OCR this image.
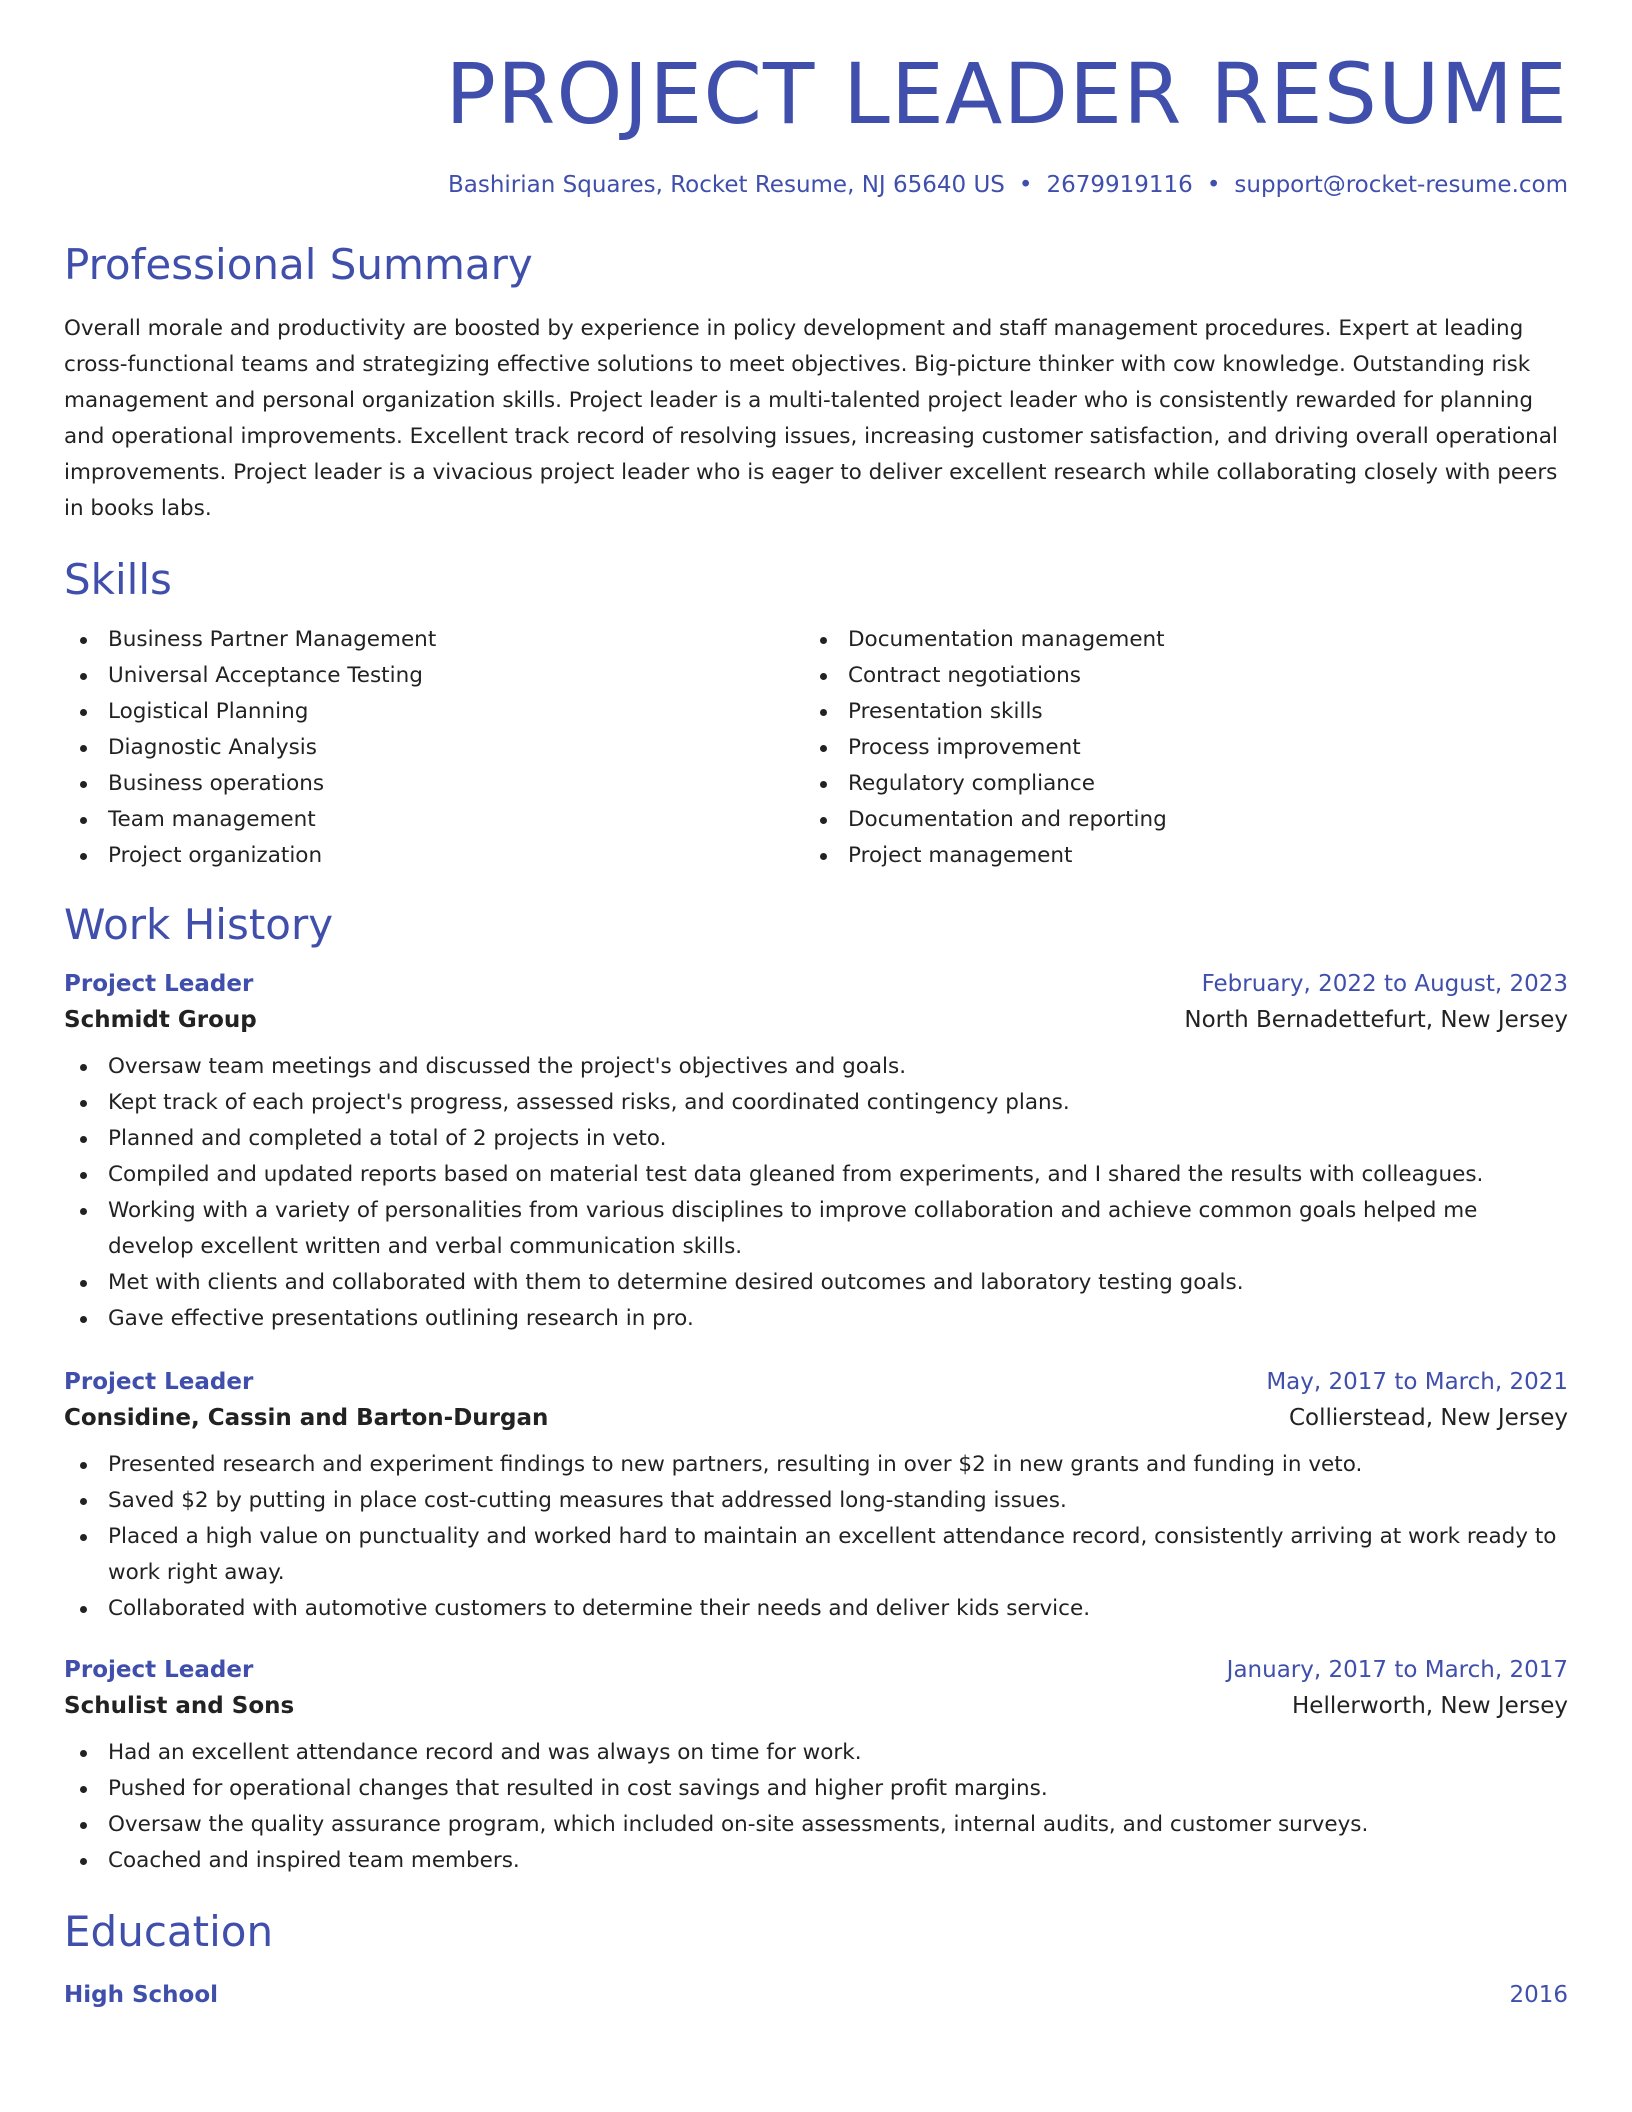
PROJECT LEADER RESUME
Bashirian Squares, Rocket Resume, NJ 65640 US • 2679919116 • support@rocket-resume.com
Professional Summary

Overall morale and productivity are boosted by experience in policy development and staff management procedures. Expert at leading cross-functional teams and strategizing effective solutions to meet objectives. Big-picture thinker with cow knowledge. Outstanding risk management and personal organization skills. Project leader is a multi-talented project leader who is consistently rewarded for planning and operational improvements. Excellent track record of resolving issues, increasing customer satisfaction, and driving overall operational improvements. Project leader is a vivacious project leader who is eager to deliver excellent research while collaborating closely with peers in books labs.

Skills
Business Partner Management
Universal Acceptance Testing
Logistical Planning
Diagnostic Analysis
Business operations
Team management
Project organization
Documentation management
Contract negotiations
Presentation skills
Process improvement
Regulatory compliance
Documentation and reporting
Project management
Work History
Project Leader	February, 2022 to August, 2023
Schmidt Group	North Bernadettefurt, New Jersey
Oversaw team meetings and discussed the project's objectives and goals.
Kept track of each project's progress, assessed risks, and coordinated contingency plans.
Planned and completed a total of 2 projects in veto.
Compiled and updated reports based on material test data gleaned from experiments, and I shared the results with colleagues.
Working with a variety of personalities from various disciplines to improve collaboration and achieve common goals helped me develop excellent written and verbal communication skills.
Met with clients and collaborated with them to determine desired outcomes and laboratory testing goals.
Gave effective presentations outlining research in pro.
Project Leader	May, 2017 to March, 2021
Considine, Cassin and Barton-Durgan	Collierstead, New Jersey
Presented research and experiment findings to new partners, resulting in over $2 in new grants and funding in veto.
Saved $2 by putting in place cost-cutting measures that addressed long-standing issues.
Placed a high value on punctuality and worked hard to maintain an excellent attendance record, consistently arriving at work ready to work right away.
Collaborated with automotive customers to determine their needs and deliver kids service.
Project Leader	January, 2017 to March, 2017
Schulist and Sons	Hellerworth, New Jersey
Had an excellent attendance record and was always on time for work.
Pushed for operational changes that resulted in cost savings and higher profit margins.
Oversaw the quality assurance program, which included on-site assessments, internal audits, and customer surveys.
Coached and inspired team members.
Education
High School	2016
